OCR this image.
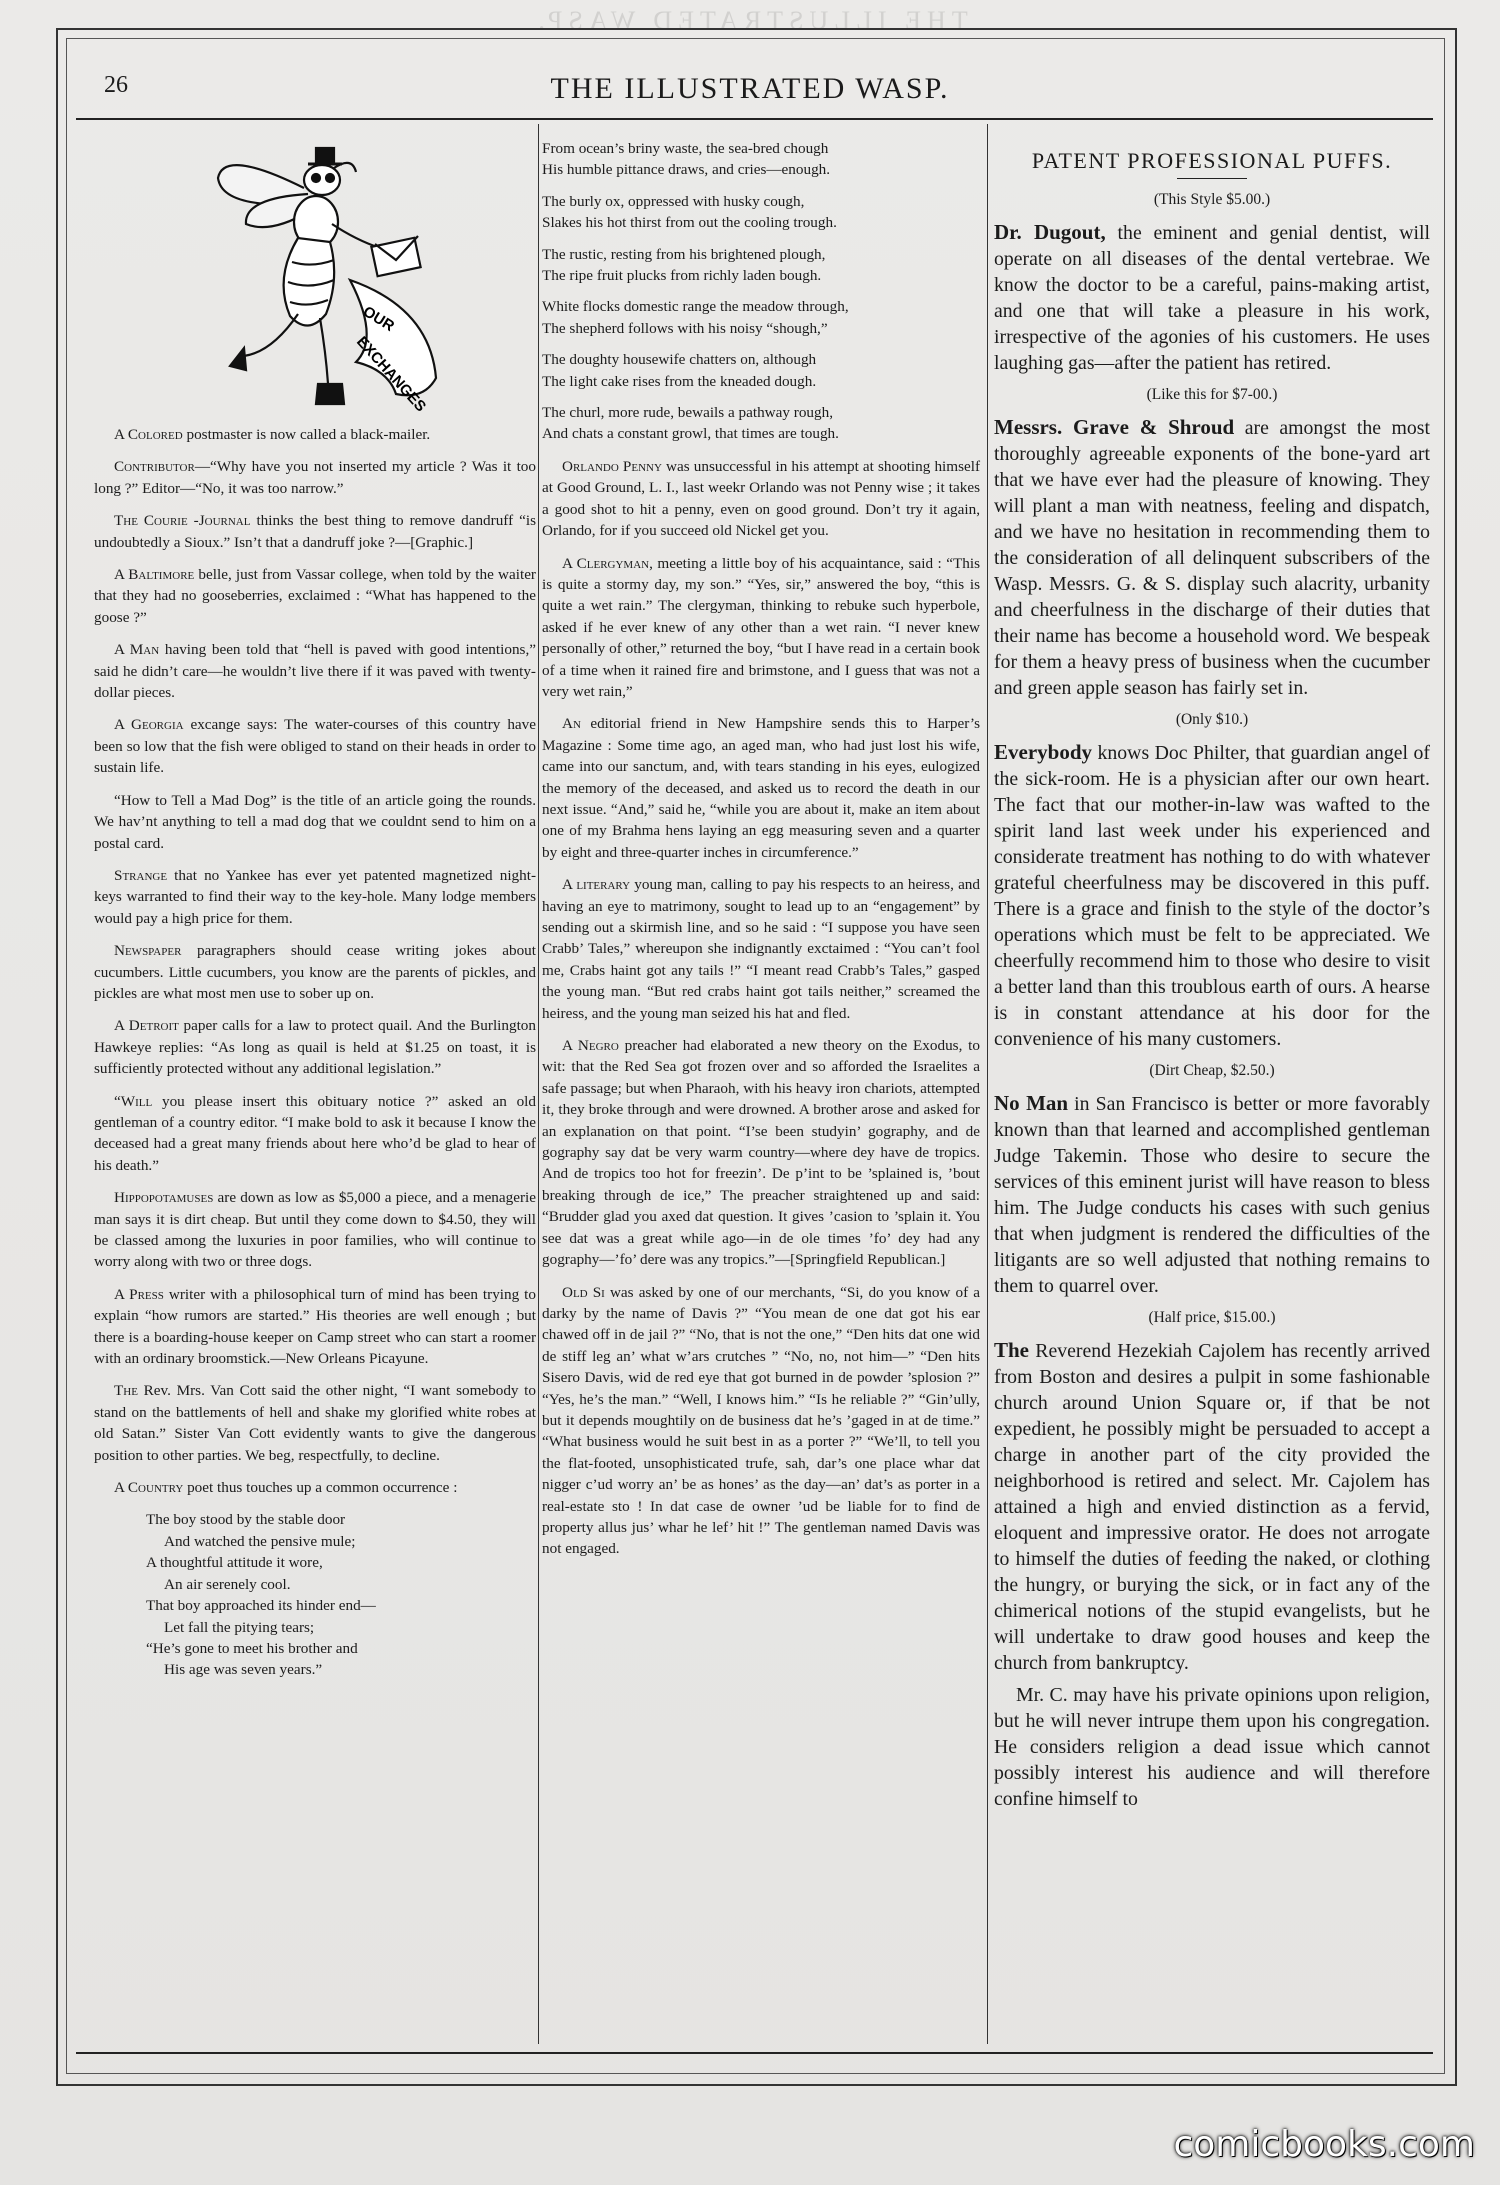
THE ILLUSTRATED WASP.
26	THE ILLUSTRATED WASP.
OUR
EXCHANGES

A Colored postmaster is now called a black-mailer.

Contributor—“Why have you not inserted my article ? Was it too long ?” Editor—“No, it was too narrow.”

The Courie -Journal thinks the best thing to remove dandruff “is undoubtedly a Sioux.” Isn’t that a dandruff joke ?—[Graphic.]

A Baltimore belle, just from Vassar college, when told by the waiter that they had no gooseberries, exclaimed : “What has happened to the goose ?”

A Man having been told that “hell is paved with good intentions,” said he didn’t care—he wouldn’t live there if it was paved with twenty-dollar pieces.

A Georgia excange says: The water-courses of this country have been so low that the fish were obliged to stand on their heads in order to sustain life.

“How to Tell a Mad Dog” is the title of an article going the rounds. We hav’nt anything to tell a mad dog that we couldnt send to him on a postal card.

Strange that no Yankee has ever yet patented magnetized night- keys warranted to find their way to the key-hole. Many lodge members would pay a high price for them.

Newspaper paragraphers should cease writing jokes about cucumbers. Little cucumbers, you know are the parents of pickles, and pickles are what most men use to sober up on.

A Detroit paper calls for a law to protect quail. And the Burlington Hawkeye replies: “As long as quail is held at $1.25 on toast, it is sufficiently protected without any additional legislation.”

“Will you please insert this obituary notice ?” asked an old gentleman of a country editor. “I make bold to ask it because I know the deceased had a great many friends about here who’d be glad to hear of his death.”

Hippopotamuses are down as low as $5,000 a piece, and a menagerie man says it is dirt cheap. But until they come down to $4.50, they will be classed among the luxuries in poor families, who will continue to worry along with two or three dogs.

A Press writer with a philosophical turn of mind has been trying to explain “how rumors are started.” His theories are well enough ; but there is a boarding-house keeper on Camp street who can start a roomer with an ordinary broomstick.—New Orleans Picayune.

The Rev. Mrs. Van Cott said the other night, “I want somebody to stand on the battlements of hell and shake my glorified white robes at old Satan.” Sister Van Cott evidently wants to give the dangerous position to other parties. We beg, respectfully, to decline.

A Country poet thus touches up a common occurrence :

The boy stood by the stable door
And watched the pensive mule;
A thoughtful attitude it wore,
An air serenely cool.
That boy approached its hinder end—
Let fall the pitying tears;
“He’s gone to meet his brother and
His age was seven years.”
From ocean’s briny waste, the sea-bred chough
His humble pittance draws, and cries—enough.
The burly ox, oppressed with husky cough,
Slakes his hot thirst from out the cooling trough.
The rustic, resting from his brightened plough,
The ripe fruit plucks from richly laden bough.
White flocks domestic range the meadow through,
The shepherd follows with his noisy “shough,”
The doughty housewife chatters on, although
The light cake rises from the kneaded dough.
The churl, more rude, bewails a pathway rough,
And chats a constant growl, that times are tough.

Orlando Penny was unsuccessful in his attempt at shooting himself at Good Ground, L. I., last weekr Orlando was not Penny wise ; it takes a good shot to hit a penny, even on good ground. Don’t try it again, Orlando, for if you succeed old Nickel get you.

A Clergyman, meeting a little boy of his acquaintance, said : “This is quite a stormy day, my son.” “Yes, sir,” answered the boy, “this is quite a wet rain.” The clergyman, thinking to rebuke such hyperbole, asked if he ever knew of any other than a wet rain. “I never knew personally of other,” returned the boy, “but I have read in a certain book of a time when it rained fire and brimstone, and I guess that was not a very wet rain,”

An editorial friend in New Hampshire sends this to Harper’s Magazine : Some time ago, an aged man, who had just lost his wife, came into our sanctum, and, with tears standing in his eyes, eulogized the memory of the deceased, and asked us to record the death in our next issue. “And,” said he, “while you are about it, make an item about one of my Brahma hens laying an egg measuring seven and a quarter by eight and three-quarter inches in circumference.”

A literary young man, calling to pay his respects to an heiress, and having an eye to matrimony, sought to lead up to an “engagement” by sending out a skirmish line, and so he said : “I suppose you have seen Crabb’ Tales,” whereupon she indignantly exctaimed : “You can’t fool me, Crabs haint got any tails !” “I meant read Crabb’s Tales,” gasped the young man. “But red crabs haint got tails neither,” screamed the heiress, and the young man seized his hat and fled.

A Negro preacher had elaborated a new theory on the Exodus, to wit: that the Red Sea got frozen over and so afforded the Israelites a safe passage; but when Pharaoh, with his heavy iron chariots, attempted it, they broke through and were drowned. A brother arose and asked for an explanation on that point. “I’se been studyin’ gography, and de gography say dat be very warm country—where dey have de tropics. And de tropics too hot for freezin’. De p’int to be ’splained is, ’bout breaking through de ice,” The preacher straightened up and said: “Brudder glad you axed dat question. It gives ’casion to ’splain it. You see dat was a great while ago—in de ole times ’fo’ dey had any gography—’fo’ dere was any tropics.”—[Springfield Republican.]

Old Si was asked by one of our merchants, “Si, do you know of a darky by the name of Davis ?” “You mean de one dat got his ear chawed off in de jail ?” “No, that is not the one,” “Den hits dat one wid de stiff leg an’ what w’ars crutches ” “No, no, not him—” “Den hits Sisero Davis, wid de red eye that got burned in de powder ’splosion ?” “Yes, he’s the man.” “Well, I knows him.” “Is he reliable ?” “Gin’ully, but it depends moughtily on de business dat he’s ’gaged in at de time.” “What business would he suit best in as a porter ?” “We’ll, to tell you the flat-footed, unsophisticated trufe, sah, dar’s one place whar dat nigger c’ud worry an’ be as hones’ as the day—an’ dat’s as porter in a real-estate sto ! In dat case de owner ’ud be liable for to find de property allus jus’ whar he lef’ hit !” The gentleman named Davis was not engaged.

PATENT PROFESSIONAL PUFFS.
(This Style $5.00.)

Dr. Dugout, the eminent and genial dentist, will operate on all diseases of the dental vertebrae. We know the doctor to be a careful, pains-making artist, and one that will take a pleasure in his work, irrespective of the agonies of his customers. He uses laughing gas—after the patient has retired.

(Like this for $7-00.)

Messrs. Grave & Shroud are amongst the most thoroughly agreeable exponents of the bone-yard art that we have ever had the pleasure of knowing. They will plant a man with neatness, feeling and dispatch, and we have no hesitation in recommending them to the consideration of all delinquent subscribers of the Wasp. Messrs. G. & S. display such alacrity, urbanity and cheerfulness in the discharge of their duties that their name has become a household word. We bespeak for them a heavy press of business when the cucumber and green apple season has fairly set in.

(Only $10.)

Everybody knows Doc Philter, that guardian angel of the sick-room. He is a physician after our own heart. The fact that our mother-in-law was wafted to the spirit land last week under his experienced and considerate treatment has nothing to do with whatever grateful cheerfulness may be discovered in this puff. There is a grace and finish to the style of the doctor’s operations which must be felt to be appreciated. We cheerfully recommend him to those who desire to visit a better land than this troublous earth of ours. A hearse is in constant attendance at his door for the convenience of his many customers.

(Dirt Cheap, $2.50.)

No Man in San Francisco is better or more favorably known than that learned and accomplished gentleman Judge Takemin. Those who desire to secure the services of this eminent jurist will have reason to bless him. The Judge conducts his cases with such genius that when judgment is rendered the difficulties of the litigants are so well adjusted that nothing remains to them to quarrel over.

(Half price, $15.00.)

The Reverend Hezekiah Cajolem has recently arrived from Boston and desires a pulpit in some fashionable church around Union Square or, if that be not expedient, he possibly might be persuaded to accept a charge in another part of the city provided the neighborhood is retired and select. Mr. Cajolem has attained a high and envied distinction as a fervid, eloquent and impressive orator. He does not arrogate to himself the duties of feeding the naked, or clothing the hungry, or burying the sick, or in fact any of the chimerical notions of the stupid evangelists, but he will undertake to draw good houses and keep the church from bankruptcy.

Mr. C. may have his private opinions upon religion, but he will never intrupe them upon his congregation. He considers religion a dead issue which cannot possibly interest his audience and will therefore confine himself to

comicbooks.com
